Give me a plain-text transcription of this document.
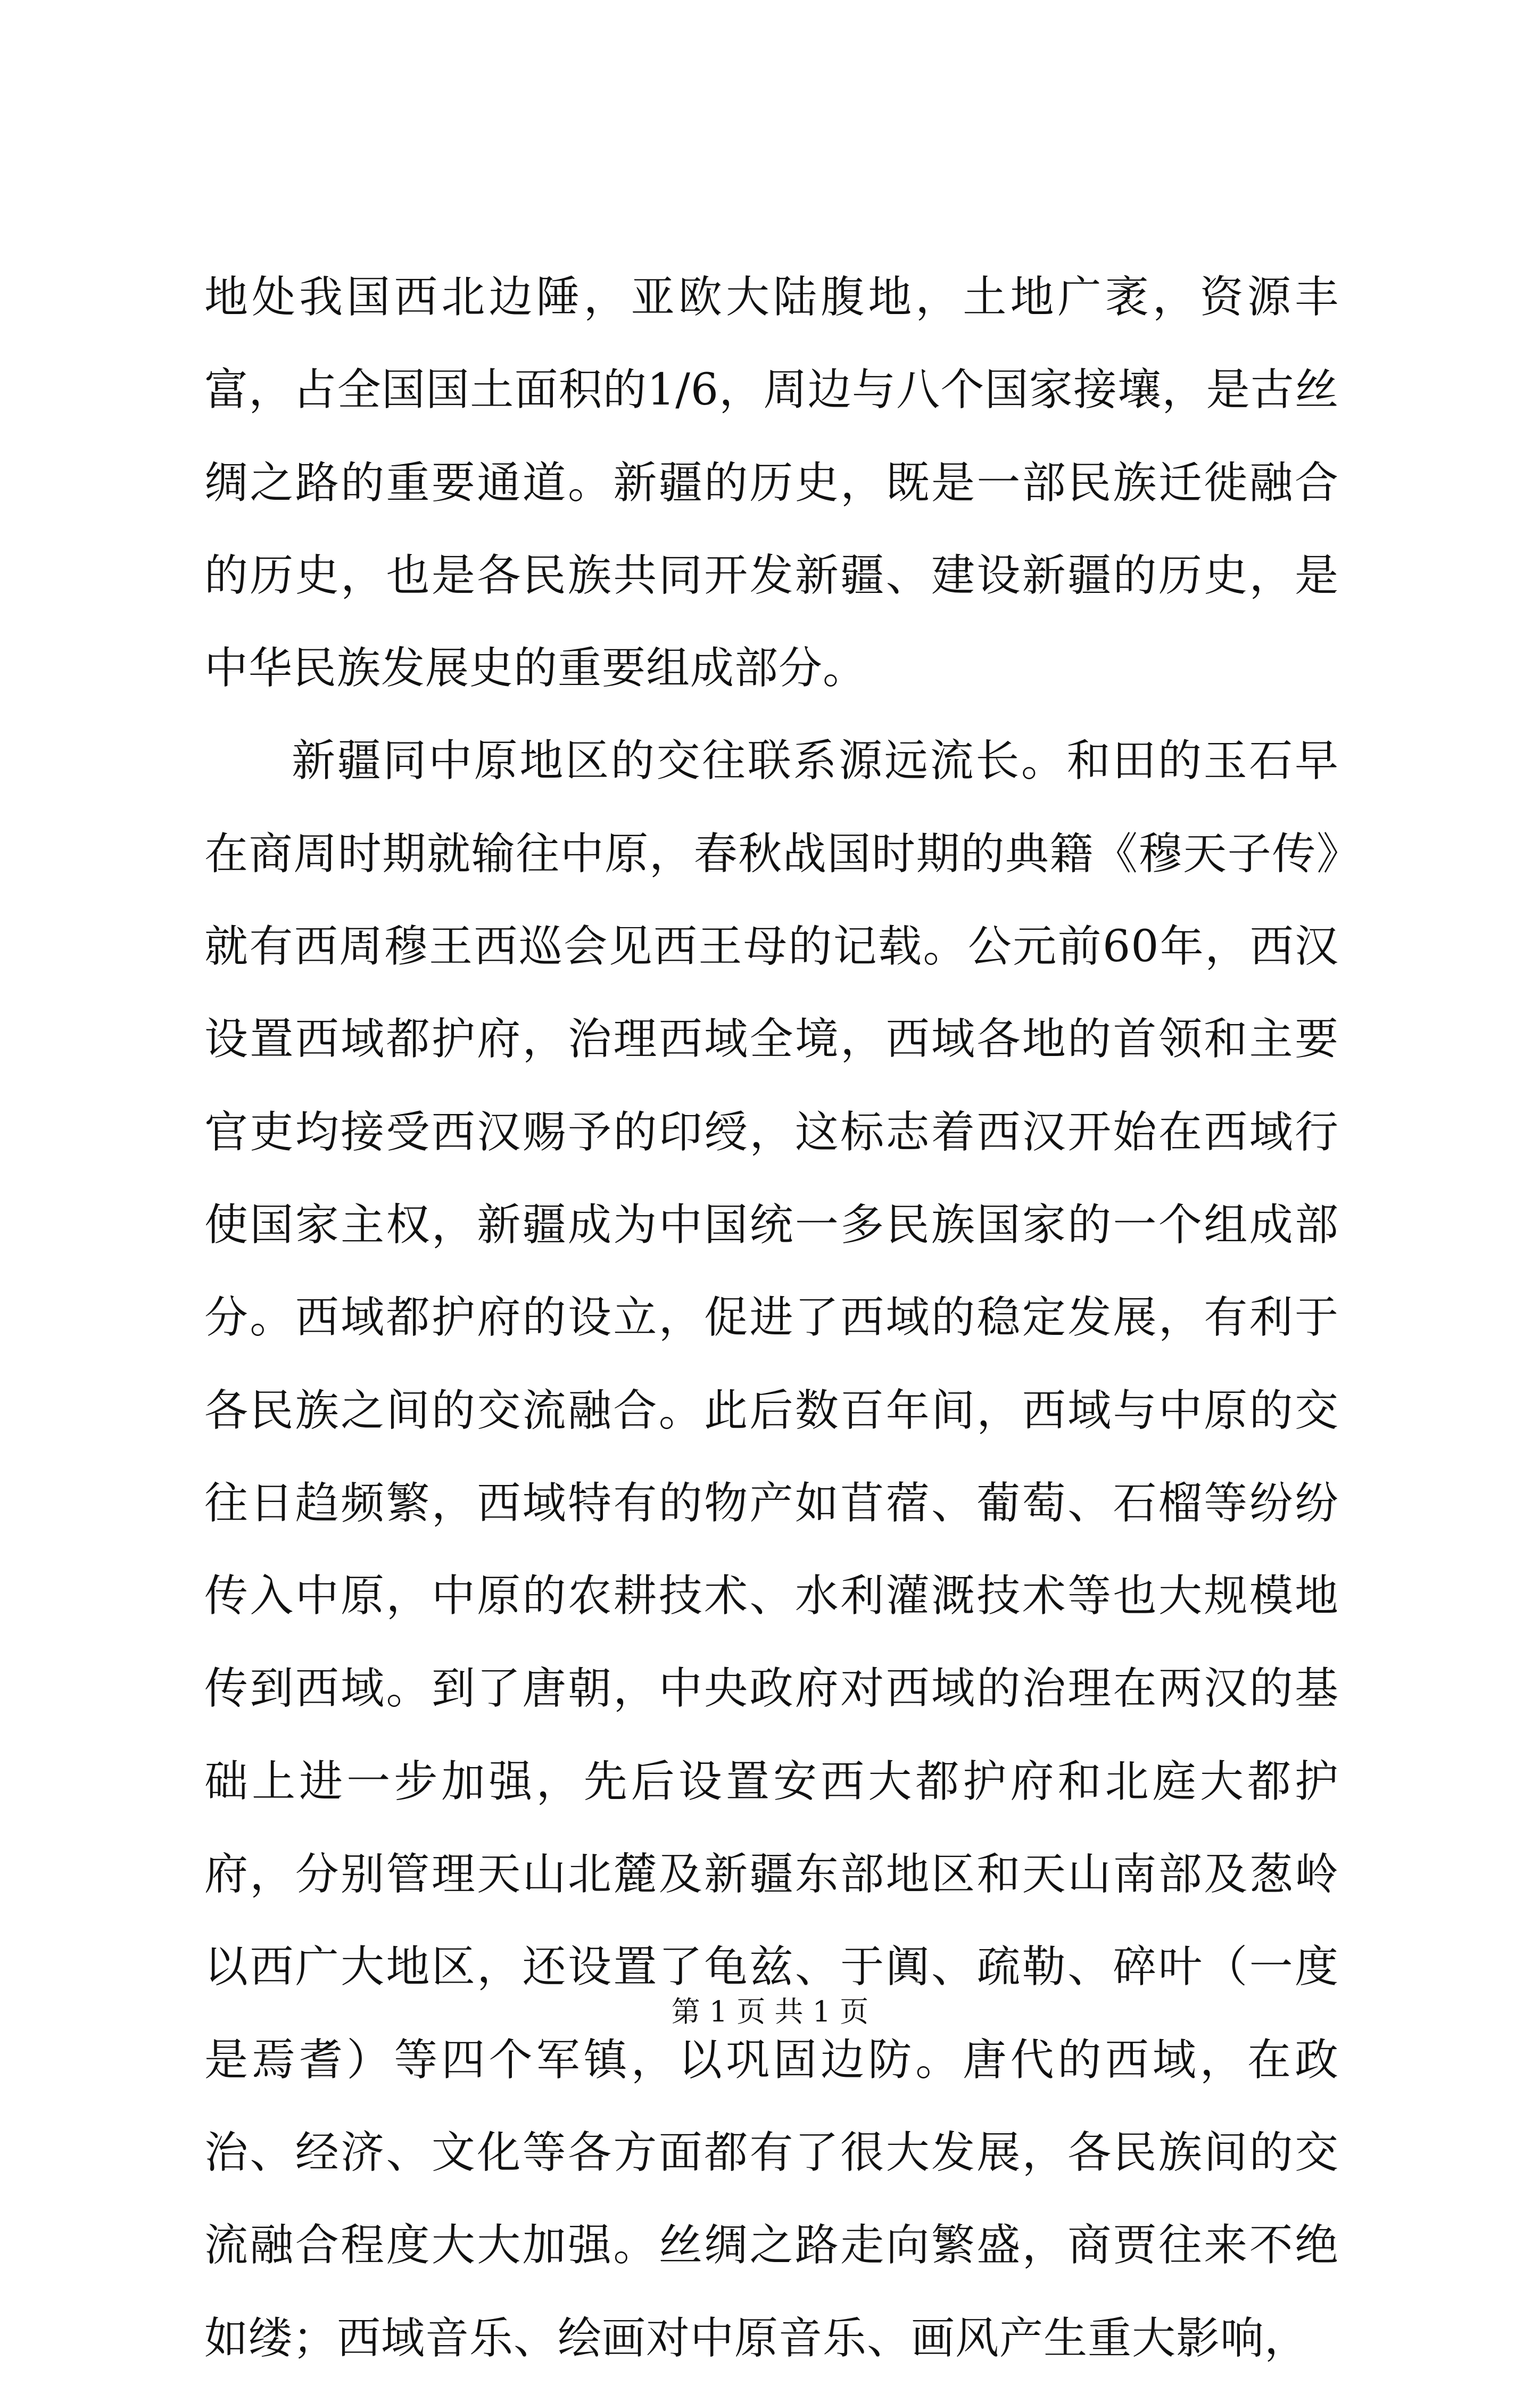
地处我国西北边陲，亚欧大陆腹地，土地广袤，资源丰富，占全国国土面积的1/6，周边与八个国家接壤，是古丝绸之路的重要通道。新疆的历史，既是一部民族迁徙融合的历史，也是各民族共同开发新疆、建设新疆的历史，是中华民族发展史的重要组成部分。

新疆同中原地区的交往联系源远流长。和田的玉石早在商周时期就输往中原，春秋战国时期的典籍《穆天子传》就有西周穆王西巡会见西王母的记载。公元前60年，西汉设置西域都护府，治理西域全境，西域各地的首领和主要官吏均接受西汉赐予的印绶，这标志着西汉开始在西域行使国家主权，新疆成为中国统一多民族国家的一个组成部分。西域都护府的设立，促进了西域的稳定发展，有利于各民族之间的交流融合。此后数百年间，西域与中原的交往日趋频繁，西域特有的物产如苜蓿、葡萄、石榴等纷纷传入中原，中原的农耕技术、水利灌溉技术等也大规模地传到西域。到了唐朝，中央政府对西域的治理在两汉的基础上进一步加强，先后设置安西大都护府和北庭大都护府，分别管理天山北麓及新疆东部地区和天山南部及葱岭以西广大地区，还设置了龟兹、于阗、疏勒、碎叶（一度是焉耆）等四个军镇，以巩固边防。唐代的西域，在政治、经济、文化等各方面都有了很大发展，各民族间的交流融合程度大大加强。丝绸之路走向繁盛，商贾往来不绝如缕；西域音乐、绘画对中原音乐、画风产生重大影响，

第 1 页 共 1 页
